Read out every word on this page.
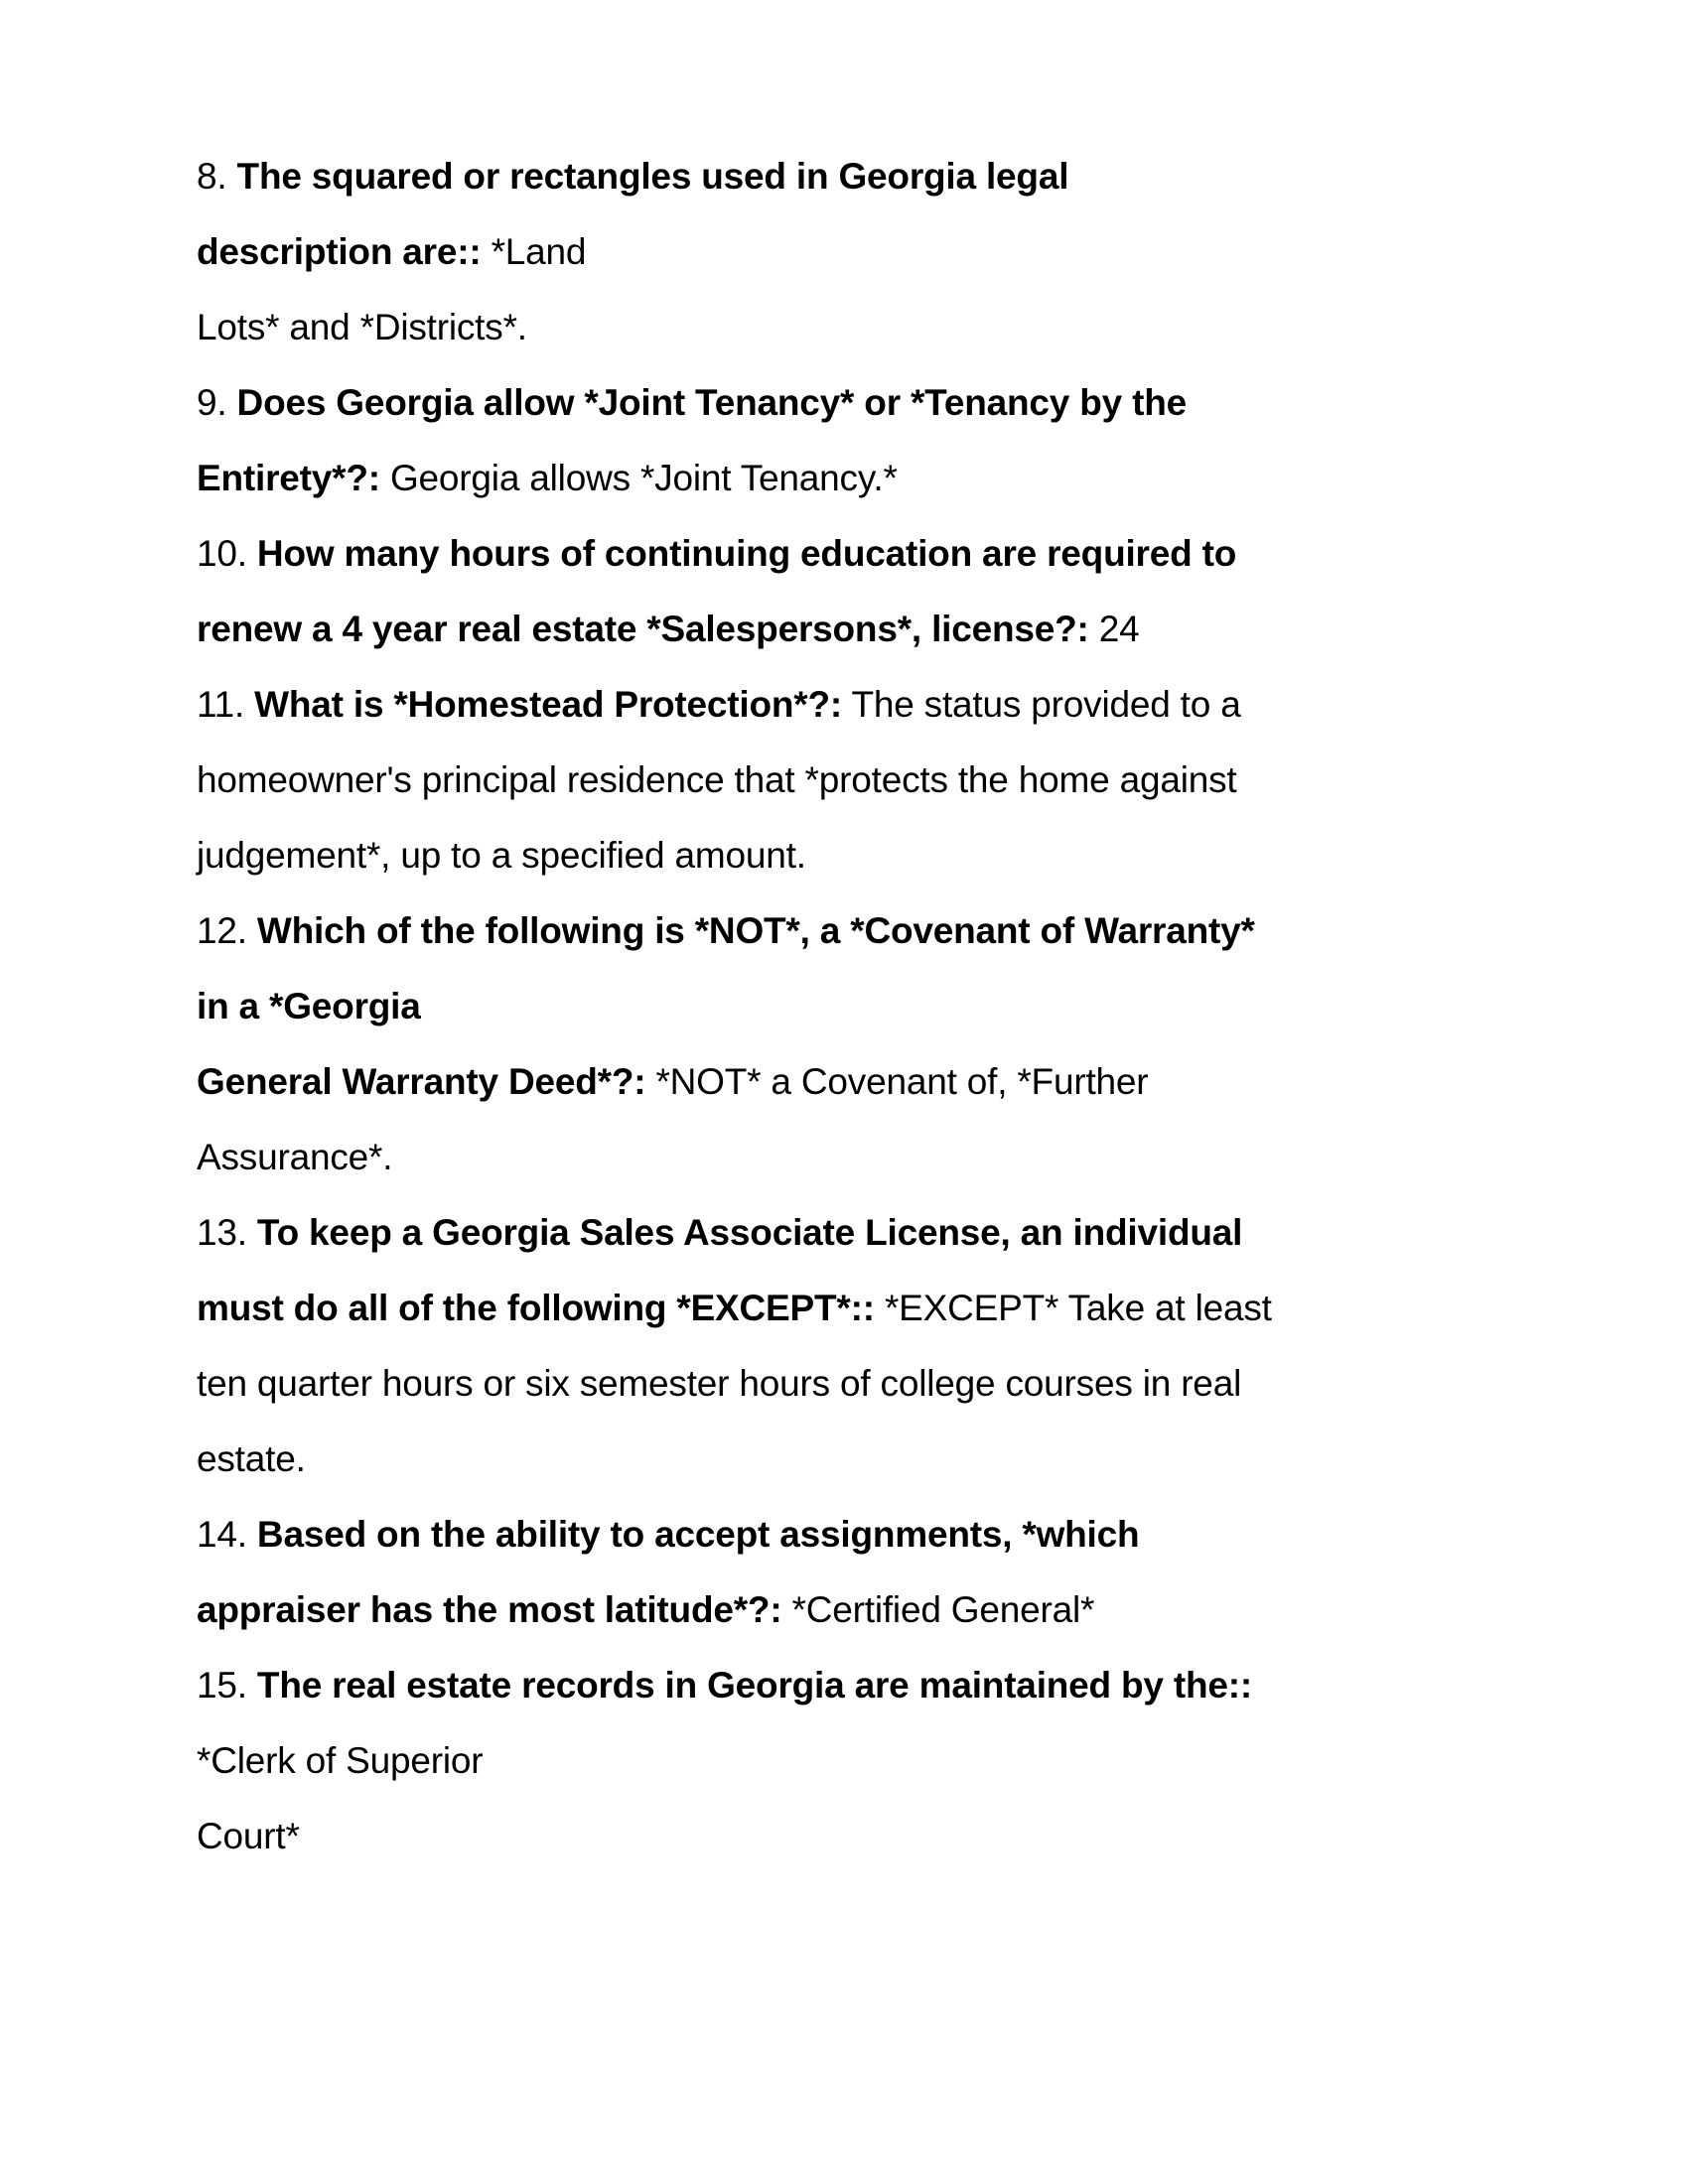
8. The squared or rectangles used in Georgia legal
description are:: *Land
Lots* and *Districts*.
9. Does Georgia allow *Joint Tenancy* or *Tenancy by the
Entirety*?: Georgia allows *Joint Tenancy.*
10. How many hours of continuing education are required to
renew a 4 year real estate *Salespersons*, license?: 24
11. What is *Homestead Protection*?: The status provided to a
homeowner's principal residence that *protects the home against
judgement*, up to a specified amount.
12. Which of the following is *NOT*, a *Covenant of Warranty*
in a *Georgia
General Warranty Deed*?: *NOT* a Covenant of, *Further
Assurance*.
13. To keep a Georgia Sales Associate License, an individual
must do all of the following *EXCEPT*:: *EXCEPT* Take at least
ten quarter hours or six semester hours of college courses in real
estate.
14. Based on the ability to accept assignments, *which
appraiser has the most latitude*?: *Certified General*
15. The real estate records in Georgia are maintained by the::
*Clerk of Superior
Court*
